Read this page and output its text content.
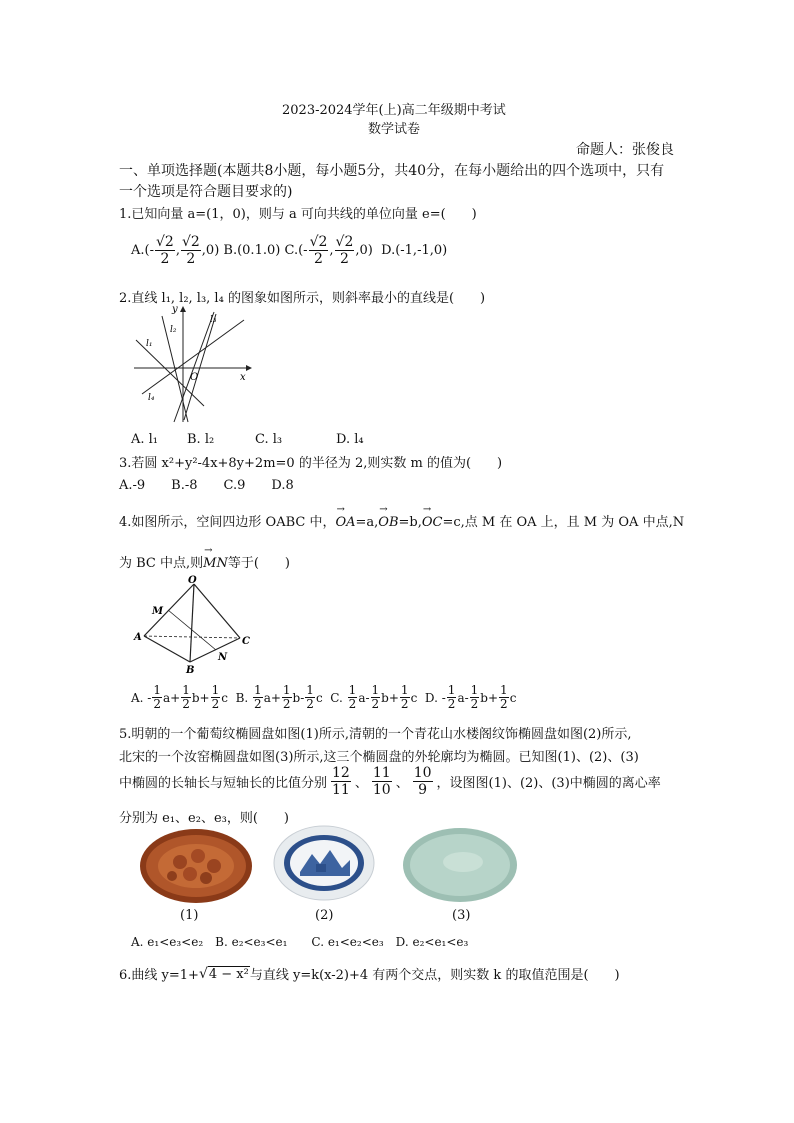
2023-2024学年(上)高二年级期中考试
数学试卷
命题人：张俊良
一、单项选择题(本题共8小题，每小题5分，共40分，在每小题给出的四个选项中，只有
一个选项是符合题目要求的)
1.已知向量 a=(1，0)，则与 a 可向共线的单位向量 e=(　　)
$A.(- \frac{√2}{2}$ , $\frac{√2}{2} ,0$) B.(0.1.0)
$C.(- \frac{√2}{2}$ , $\frac{√2}{2} ,0$) D.(-1,-1,0)
2.直线 l₁, l₂, l₃, l₄ 的图象如图所示，则斜率最小的直线是(　　)
y
x
O
l₁
l₂
l₃
l₄
A. l₁ B. l₂	C. l₃	D. l₄
3.若圆 x²+y²-4x+8y+2m=0 的半径为 2,则实数 m 的值为(　　)
A.-9　　B.-8　　C.9　　D.8
4.如图所示，空间四边形 OABC 中，→ OA=a,→ OB=b,→ OC=c,点 M 在 OA 上，且 M 为 OA 中点,N
为 BC 中点,则→ MN等于(　　)
O
M
A
B
C
N
A. - $\frac{1}{2} a+ \frac{1}{2} b+ \frac{1}{2}$ c  B. $\frac{1}{2} a+ \frac{1}{2} b- \frac{1}{2}$ c  C. $\frac{1}{2} a- \frac{1}{2} b+ \frac{1}{2}$ c  D. - $\frac{1}{2} a- \frac{1}{2} b+ \frac{1}{2}$ c
5.明朝的一个葡萄纹椭圆盘如图(1)所示,清朝的一个青花山水楼阁纹饰椭圆盘如图(2)所示,
北宋的一个汝窑椭圆盘如图(3)所示,这三个椭圆盘的外轮廓均为椭圆。已知图(1)、(2)、(3)
中椭圆的长轴长与短轴长的比值分别 $\frac{12}{11}$ 、 $\frac{11}{10}$ 、 $\frac{10}{9}$ ，设图图(1)、(2)、(3)中椭圆的离心率
分别为 e₁、e₂、e₃，则(　　)
(1)	(2)	(3)
A. e₁<e₃<e₂　B. e₂<e₃<e₁　　C. e₁<e₂<e₃　D. e₂<e₁<e₃
6.曲线 y=1+ √ 4 − x² 与直线 y=k(x-2)+4 有两个交点，则实数 k 的取值范围是(　　)
